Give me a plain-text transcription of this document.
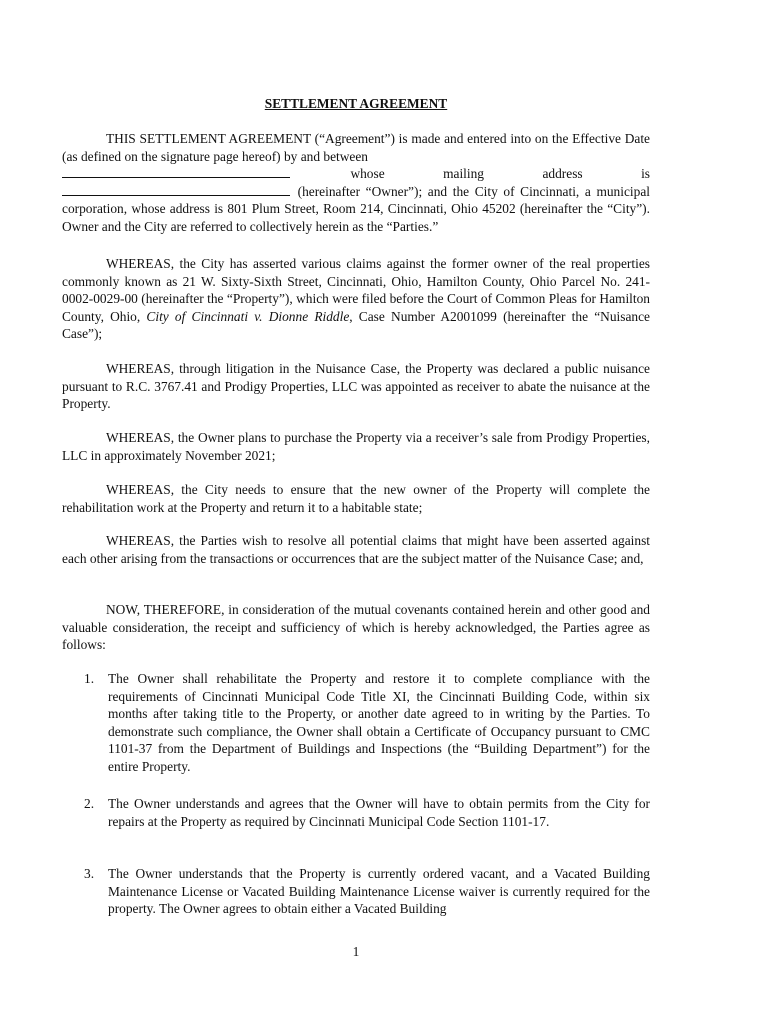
SETTLEMENT AGREEMENT
THIS SETTLEMENT AGREEMENT (“Agreement”) is made and entered into on the Effective Date (as defined on the signature page hereof) by and between
whose	mailing	address	is
(hereinafter “Owner”); and the City of Cincinnati, a municipal corporation, whose address is 801 Plum Street, Room 214, Cincinnati, Ohio 45202 (hereinafter the “City”). Owner and the City are referred to collectively herein as the “Parties.”
WHEREAS, the City has asserted various claims against the former owner of the real properties commonly known as 21 W. Sixty-Sixth Street, Cincinnati, Ohio, Hamilton County, Ohio Parcel No. 241-0002-0029-00 (hereinafter the “Property”), which were filed before the Court of Common Pleas for Hamilton County, Ohio, City of Cincinnati v. Dionne Riddle, Case Number A2001099 (hereinafter the “Nuisance Case”);
WHEREAS, through litigation in the Nuisance Case, the Property was declared a public nuisance pursuant to R.C. 3767.41 and Prodigy Properties, LLC was appointed as receiver to abate the nuisance at the Property.
WHEREAS, the Owner plans to purchase the Property via a receiver’s sale from Prodigy Properties, LLC in approximately November 2021;
WHEREAS, the City needs to ensure that the new owner of the Property will complete the rehabilitation work at the Property and return it to a habitable state;
WHEREAS, the Parties wish to resolve all potential claims that might have been asserted against each other arising from the transactions or occurrences that are the subject matter of the Nuisance Case; and,
NOW, THEREFORE, in consideration of the mutual covenants contained herein and other good and valuable consideration, the receipt and sufficiency of which is hereby acknowledged, the Parties agree as follows:
1. The Owner shall rehabilitate the Property and restore it to complete compliance with the requirements of Cincinnati Municipal Code Title XI, the Cincinnati Building Code, within six months after taking title to the Property, or another date agreed to in writing by the Parties. To demonstrate such compliance, the Owner shall obtain a Certificate of Occupancy pursuant to CMC 1101-37 from the Department of Buildings and Inspections (the “Building Department”) for the entire Property.
2. The Owner understands and agrees that the Owner will have to obtain permits from the City for repairs at the Property as required by Cincinnati Municipal Code Section 1101-17.
3. The Owner understands that the Property is currently ordered vacant, and a Vacated Building Maintenance License or Vacated Building Maintenance License waiver is currently required for the property. The Owner agrees to obtain either a Vacated Building
1
